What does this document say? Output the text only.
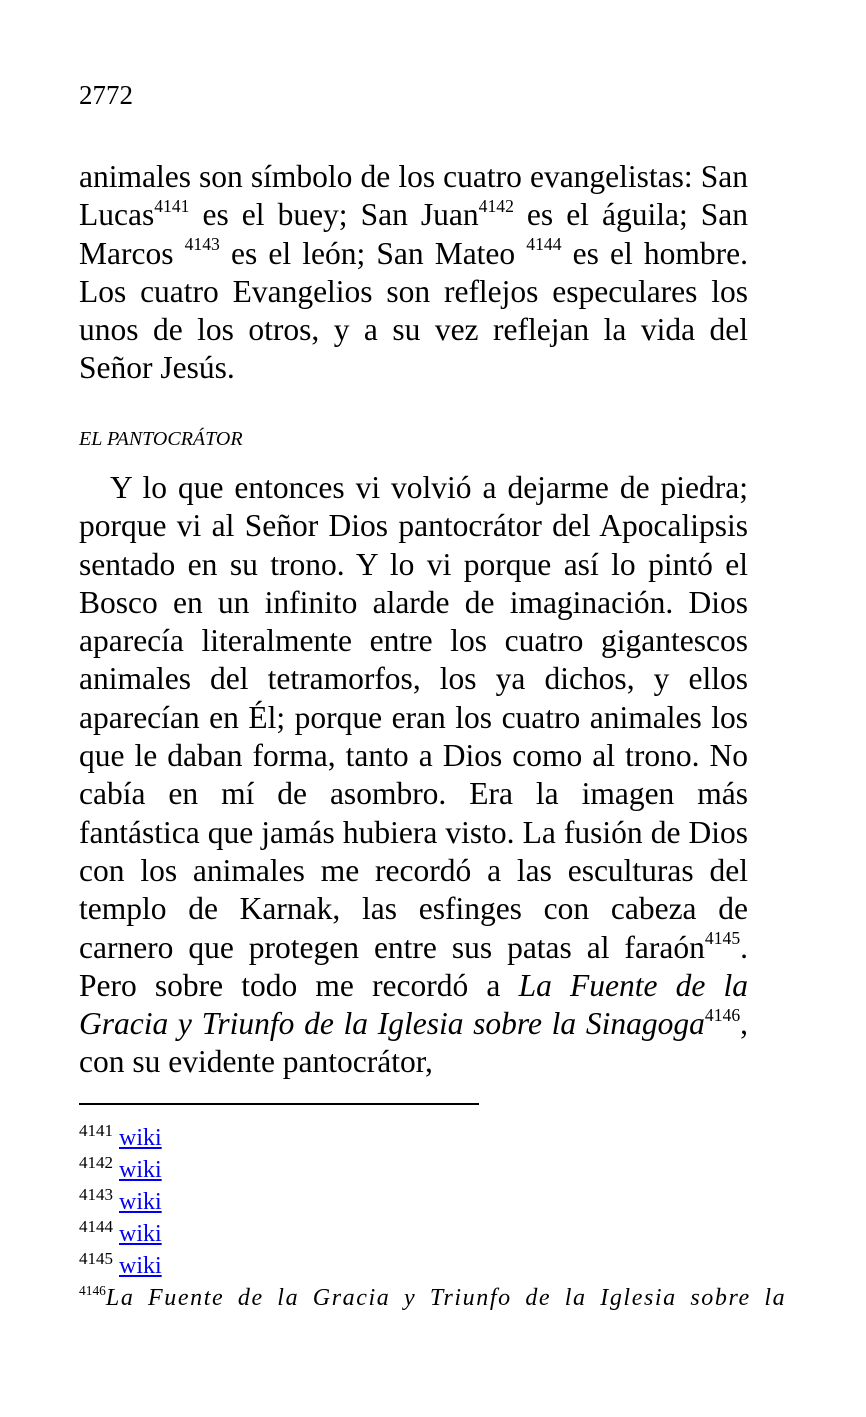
2772
animales son símbolo de los cuatro evangelistas: San Lucas$^{4141}$ es el buey; San Juan$^{4142}$ es el águila; San Marcos $^{4143}$ es el león; San Mateo $^{4144}$ es el hombre. Los cuatro Evangelios son reflejos especulares los unos de los otros, y a su vez reflejan la vida del Señor Jesús.
EL PANTOCRÁTOR
Y lo que entonces vi volvió a dejarme de piedra; porque vi al Señor Dios pantocrátor del Apocalipsis sentado en su trono. Y lo vi porque así lo pintó el Bosco en un infinito alarde de imaginación. Dios aparecía literalmente entre los cuatro gigantescos animales del tetramorfos, los ya dichos, y ellos aparecían en Él; porque eran los cuatro animales los que le daban forma, tanto a Dios como al trono. No cabía en mí de asombro. Era la imagen más fantástica que jamás hubiera visto. La fusión de Dios con los animales me recordó a las esculturas del templo de Karnak, las esfinges con cabeza de carnero que protegen entre sus patas al faraón$^{4145}$. Pero sobre todo me recordó a La Fuente de la Gracia y Triunfo de la Iglesia sobre la Sinagoga$^{4146}$, con su evidente pantocrátor,
$^{4141}$ wiki
$^{4142}$ wiki
$^{4143}$ wiki
$^{4144}$ wiki
$^{4145}$ wiki
$^{4146}$La Fuente de la Gracia y Triunfo de la Iglesia sobre la
